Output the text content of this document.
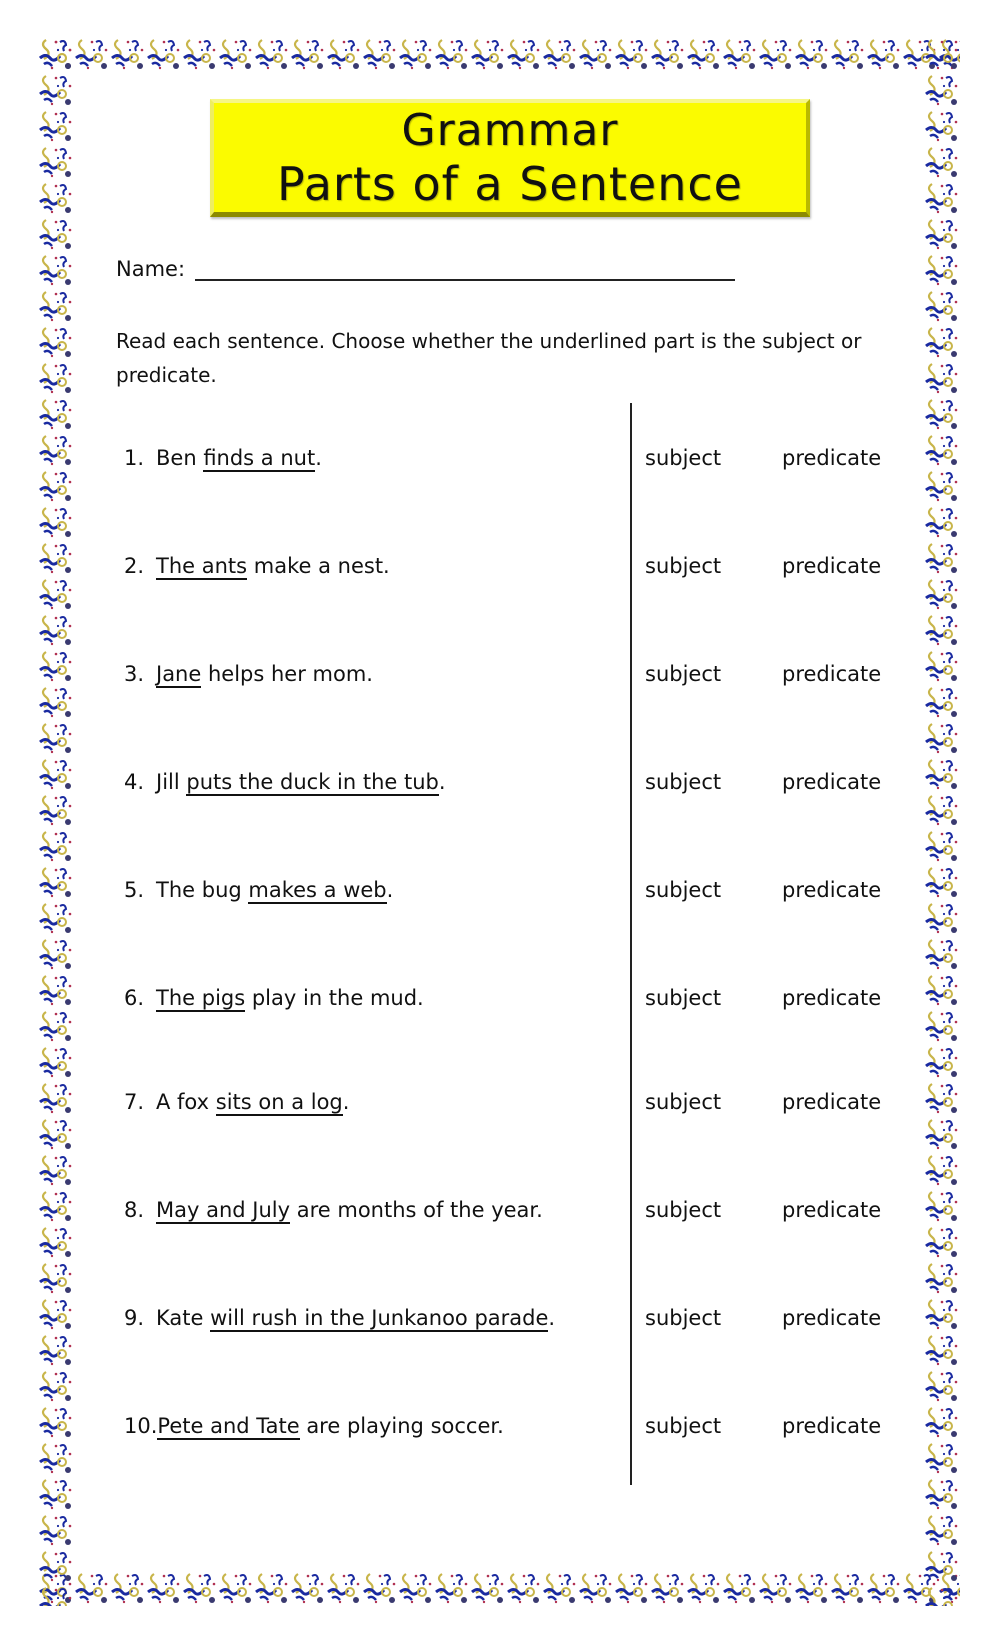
Grammar
Parts of a Sentence
Name:
Read each sentence. Choose whether the underlined part is the subject or predicate.
1. Ben finds a nut.	subject	predicate
2. The ants make a nest.	subject	predicate
3. Jane helps her mom.	subject	predicate
4. Jill puts the duck in the tub.	subject	predicate
5. The bug makes a web.	subject	predicate
6. The pigs play in the mud.	subject	predicate
7. A fox sits on a log.	subject	predicate
8. May and July are months of the year.	subject	predicate
9. Kate will rush in the Junkanoo parade.	subject	predicate
10.Pete and Tate are playing soccer.	subject	predicate
